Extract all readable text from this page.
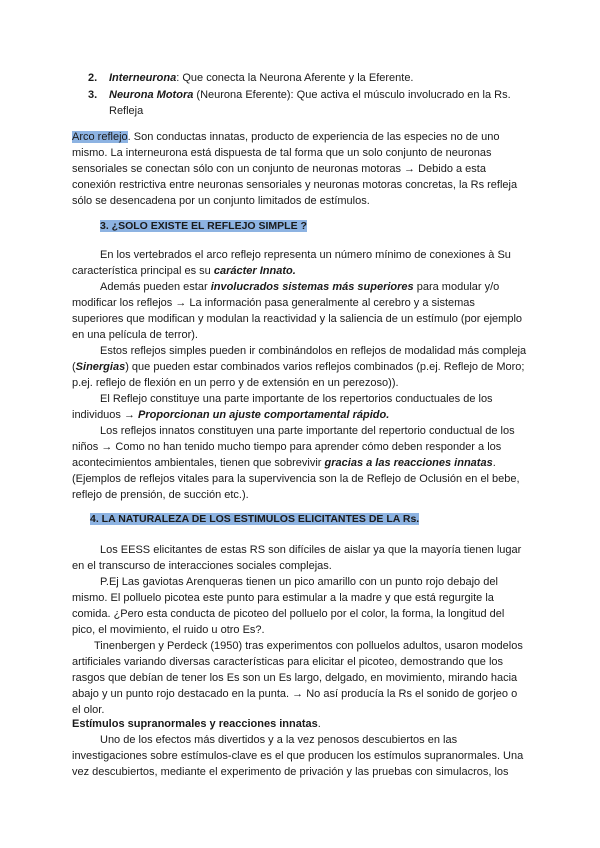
2. Interneurona: Que conecta la Neurona Aferente y la Eferente.
3. Neurona Motora (Neurona Eferente): Que activa el músculo involucrado en la Rs. Refleja

Arco reflejo. Son conductas innatas, producto de experiencia de las especies no de uno mismo. La interneurona está dispuesta de tal forma que un solo conjunto de neuronas sensoriales se conectan sólo con un conjunto de neuronas motoras → Debido a esta conexión restrictiva entre neuronas sensoriales y neuronas motoras concretas, la Rs refleja sólo se desencadena por un conjunto limitados de estímulos.

3. ¿SOLO EXISTE EL REFLEJO SIMPLE ?

En los vertebrados el arco reflejo representa un número mínimo de conexiones à Su característica principal es su carácter Innato.

Además pueden estar involucrados sistemas más superiores para modular y/o modificar los reflejos → La información pasa generalmente al cerebro y a sistemas superiores que modifican y modulan la reactividad y la saliencia de un estímulo (por ejemplo en una película de terror).

Estos reflejos simples pueden ir combinándolos en reflejos de modalidad más compleja (Sinergias) que pueden estar combinados varios reflejos combinados (p.ej. Reflejo de Moro; p.ej. reflejo de flexión en un perro y de extensión en un perezoso)).

El Reflejo constituye una parte importante de los repertorios conductuales de los individuos → Proporcionan un ajuste comportamental rápido.

Los reflejos innatos constituyen una parte importante del repertorio conductual de los niños → Como no han tenido mucho tiempo para aprender cómo deben responder a los acontecimientos ambientales, tienen que sobrevivir gracias a las reacciones innatas.

(Ejemplos de reflejos vitales para la supervivencia son la de Reflejo de Oclusión en el bebe, reflejo de prensión, de succión etc.).

4. LA NATURALEZA DE LOS ESTIMULOS ELICITANTES DE LA Rs.

Los EESS elicitantes de estas RS son difíciles de aislar ya que la mayoría tienen lugar en el transcurso de interacciones sociales complejas.

P.Ej Las gaviotas Arenqueras tienen un pico amarillo con un punto rojo debajo del mismo. El polluelo picotea este punto para estimular a la madre y que está regurgite la comida. ¿Pero esta conducta de picoteo del polluelo por el color, la forma, la longitud del pico, el movimiento, el ruido u otro Es?.

Tinenbergen y Perdeck (1950) tras experimentos con polluelos adultos, usaron modelos artificiales variando diversas características para elicitar el picoteo, demostrando que los rasgos que debían de tener los Es son un Es largo, delgado, en movimiento, mirando hacia abajo y un punto rojo destacado en la punta. → No así producía la Rs el sonido de gorjeo o el olor.

Estímulos supranormales y reacciones innatas.

Uno de los efectos más divertidos y a la vez penosos descubiertos en las investigaciones sobre estímulos-clave es el que producen los estímulos supranormales. Una vez descubiertos, mediante el experimento de privación y las pruebas con simulacros, los
